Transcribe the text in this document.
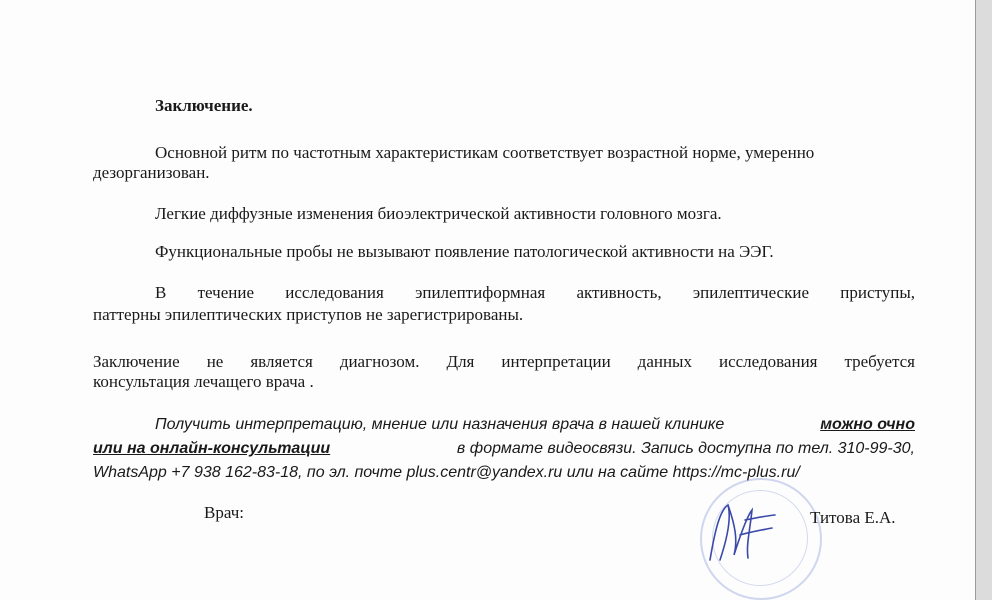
Заключение.
Основной ритм по частотным характеристикам соответствует возрастной норме, умеренно
дезорганизован.
Легкие диффузные изменения биоэлектрической активности головного мозга.
Функциональные пробы не вызывают появление патологической активности на ЭЭГ.
В течение исследования эпилептиформная активность, эпилептические приступы,
паттерны эпилептических приступов не зарегистрированы.
Заключение не является диагнозом. Для интерпретации данных исследования требуется
консультация лечащего врача .
Получить интерпретацию, мнение или назначения врача в нашей клинике	можно очно
или на онлайн-консультации	в формате видеосвязи. Запись доступна по тел. 310-99-30,
WhatsApp +7 938 162-83-18, по эл. почте plus.centr@yandex.ru или на сайте https://mc-plus.ru/
Врач:	Титова Е.А.
